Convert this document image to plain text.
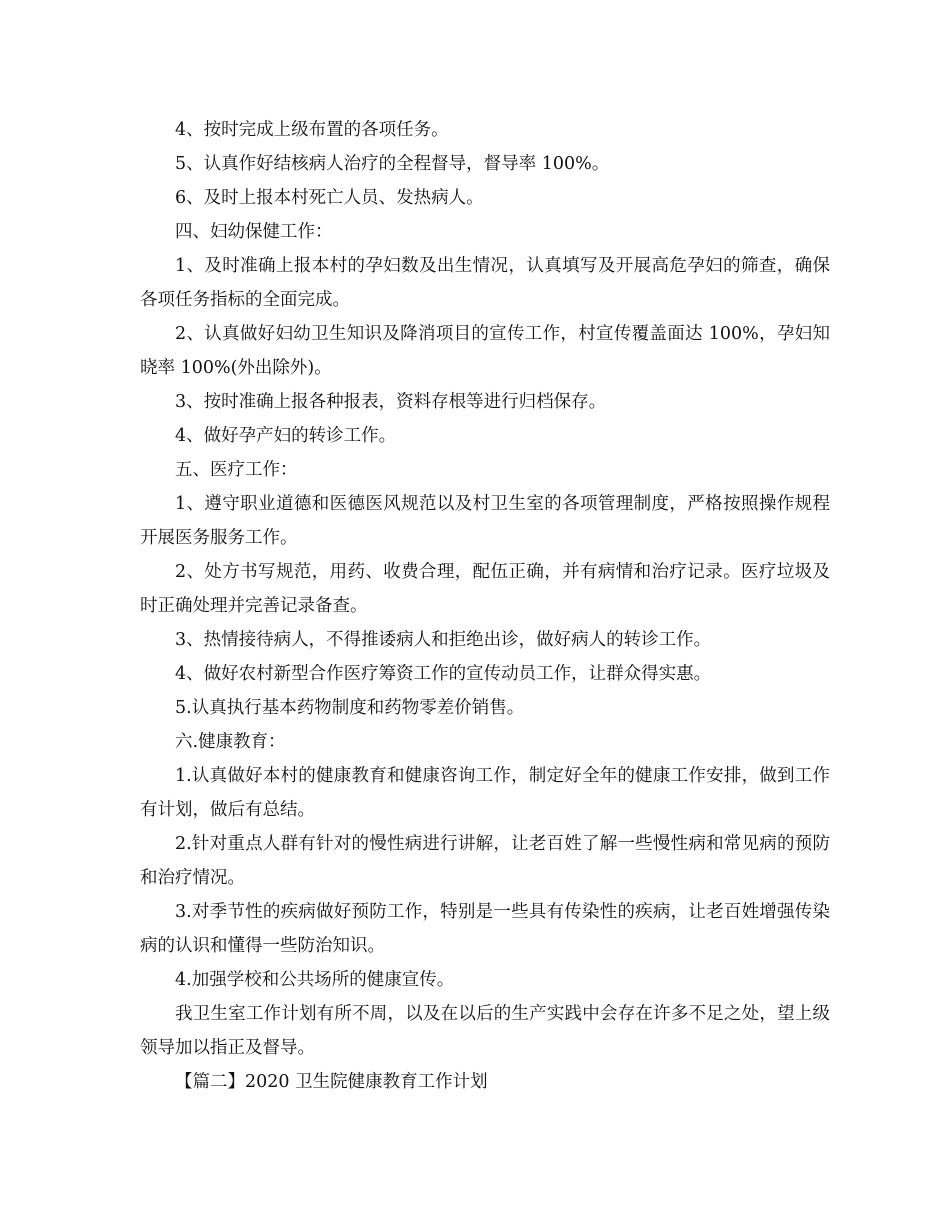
4、按时完成上级布置的各项任务。

5、认真作好结核病人治疗的全程督导，督导率 100%。

6、及时上报本村死亡人员、发热病人。

四、妇幼保健工作：

1、及时准确上报本村的孕妇数及出生情况，认真填写及开展高危孕妇的筛查，确保各项任务指标的全面完成。

2、认真做好妇幼卫生知识及降消项目的宣传工作，村宣传覆盖面达 100%，孕妇知晓率 100%(外出除外)。

3、按时准确上报各种报表，资料存根等进行归档保存。

4、做好孕产妇的转诊工作。

五、医疗工作：

1、遵守职业道德和医德医风规范以及村卫生室的各项管理制度，严格按照操作规程开展医务服务工作。

2、处方书写规范，用药、收费合理，配伍正确，并有病情和治疗记录。医疗垃圾及时正确处理并完善记录备查。

3、热情接待病人，不得推诿病人和拒绝出诊，做好病人的转诊工作。

4、做好农村新型合作医疗筹资工作的宣传动员工作，让群众得实惠。

5.认真执行基本药物制度和药物零差价销售。

六.健康教育：

1.认真做好本村的健康教育和健康咨询工作，制定好全年的健康工作安排，做到工作有计划，做后有总结。

2.针对重点人群有针对的慢性病进行讲解，让老百姓了解一些慢性病和常见病的预防和治疗情况。

3.对季节性的疾病做好预防工作，特别是一些具有传染性的疾病，让老百姓增强传染病的认识和懂得一些防治知识。

4.加强学校和公共场所的健康宣传。

我卫生室工作计划有所不周，以及在以后的生产实践中会存在许多不足之处，望上级领导加以指正及督导。

【篇二】2020 卫生院健康教育工作计划
